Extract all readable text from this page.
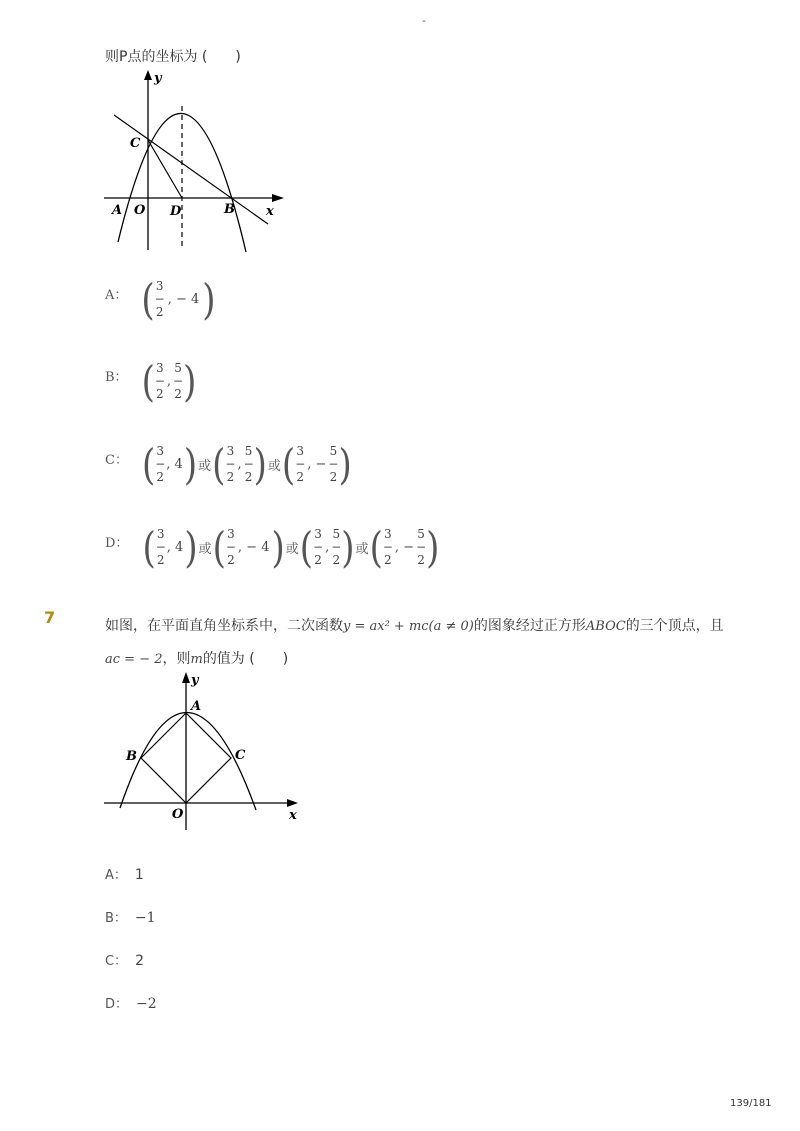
-
则P点的坐标为 (　　)
y
x
C
A O D	B
A： ( 3
−
2
, − 4 )
B： ( 3
−
2
,
5
−
2 )
C： ( 3
−
2
, 4 ) 或 ( 3
−
2
,
5
−
2 ) 或 ( 3
−
2
, −
5
−
2 )
D： ( 3
−
2
, 4 ) 或 ( 3
−
2
, − 4 ) 或 ( 3
−
2
,
5
−
2 ) 或 ( 3
−
2
, −
5
−
2 )
7	如图，在平面直角坐标系中，二次函数y = ax² + mc(a ≠ 0)的图象经过正方形ABOC的三个顶点，且
ac = − 2，则m的值为 (　　)
y
x
A
B	C
O
A： 1
B： −1
C： 2
D： −2
139/181
